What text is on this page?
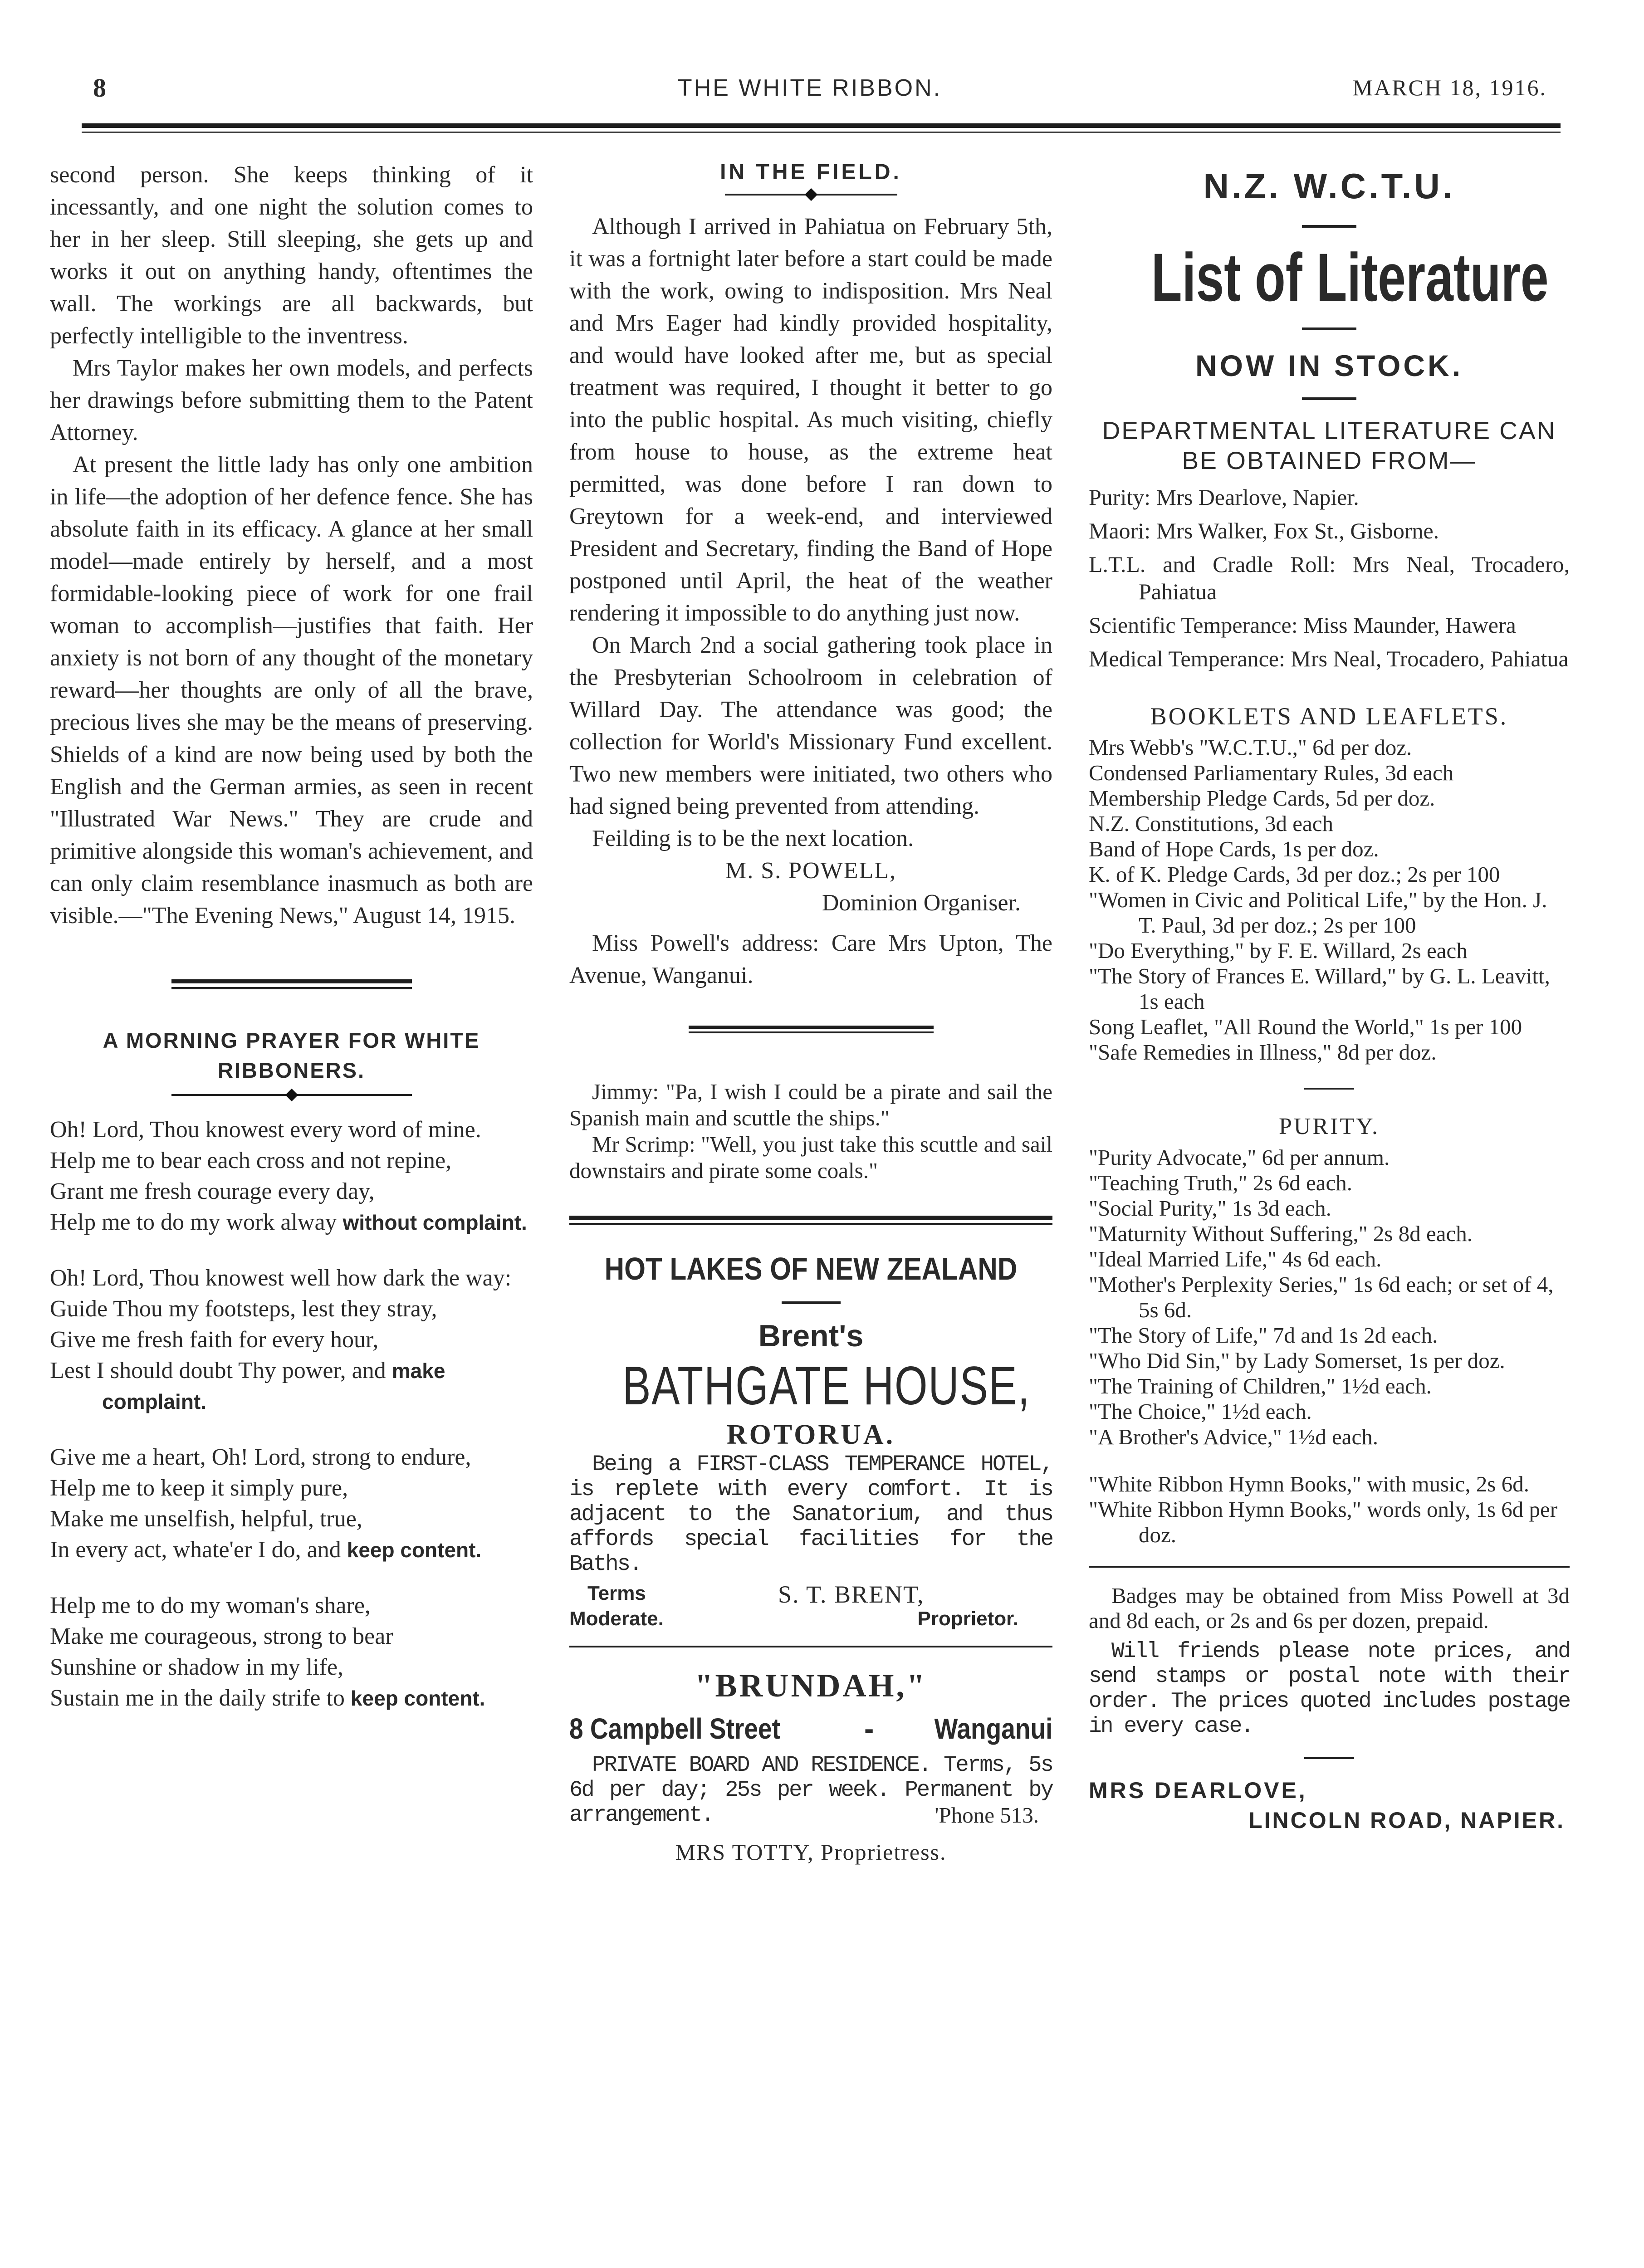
8	THE WHITE RIBBON.	MARCH 18, 1916.

second person. She keeps thinking of it incessantly, and one night the solution comes to her in her sleep. Still sleeping, she gets up and works it out on anything handy, oftentimes the wall. The workings are all backwards, but perfectly intelligible to the inventress.

Mrs Taylor makes her own models, and perfects her drawings before submitting them to the Patent Attorney.

At present the little lady has only one ambition in life—the adoption of her defence fence. She has absolute faith in its efficacy. A glance at her small model—made entirely by herself, and a most formidable-looking piece of work for one frail woman to accomplish—justifies that faith. Her anxiety is not born of any thought of the monetary reward—her thoughts are only of all the brave, precious lives she may be the means of preserving. Shields of a kind are now being used by both the English and the German armies, as seen in recent "Illustrated War News." They are crude and primitive alongside this woman's achievement, and can only claim resemblance inasmuch as both are visible.—"The Evening News," August 14, 1915.

A MORNING PRAYER FOR WHITE RIBBONERS.

Oh! Lord, Thou knowest every word of mine.

Help me to bear each cross and not repine,

Grant me fresh courage every day,

Help me to do my work alway without complaint.

Oh! Lord, Thou knowest well how dark the way:

Guide Thou my footsteps, lest they stray,

Give me fresh faith for every hour,

Lest I should doubt Thy power, and make complaint.

Give me a heart, Oh! Lord, strong to endure,

Help me to keep it simply pure,

Make me unselfish, helpful, true,

In every act, whate'er I do, and keep content.

Help me to do my woman's share,

Make me courageous, strong to bear

Sunshine or shadow in my life,

Sustain me in the daily strife to keep content.

IN THE FIELD.

Although I arrived in Pahiatua on February 5th, it was a fortnight later before a start could be made with the work, owing to indisposition. Mrs Neal and Mrs Eager had kindly provided hospitality, and would have looked after me, but as special treatment was required, I thought it better to go into the public hospital. As much visiting, chiefly from house to house, as the extreme heat permitted, was done before I ran down to Greytown for a week-end, and interviewed President and Secretary, finding the Band of Hope postponed until April, the heat of the weather rendering it impossible to do anything just now.

On March 2nd a social gathering took place in the Presbyterian Schoolroom in celebration of Willard Day. The attendance was good; the collection for World's Missionary Fund excellent. Two new members were initiated, two others who had signed being prevented from attending.

Feilding is to be the next location.

M. S. POWELL,

Dominion Organiser.

Miss Powell's address: Care Mrs Upton, The Avenue, Wanganui.

Jimmy: "Pa, I wish I could be a pirate and sail the Spanish main and scuttle the ships."

Mr Scrimp: "Well, you just take this scuttle and sail downstairs and pirate some coals."

HOT LAKES OF NEW ZEALAND
Brent's
BATHGATE HOUSE,
ROTORUA.

Being a FIRST-CLASS TEMPERANCE HOTEL, is replete with every comfort. It is adjacent to the Sanatorium, and thus affords special facilities for the Baths.

Terms
Moderate.
S. T. BRENT,
Proprietor.
"BRUNDAH,"
8 Campbell Street	- Wanganui

PRIVATE BOARD AND RESIDENCE. Terms, 5s 6d per day; 25s per week. Permanent by arrangement.	'Phone 513.
MRS TOTTY, Proprietress.
N.Z. W.C.T.U.
List of Literature
NOW IN STOCK.
DEPARTMENTAL LITERATURE CAN BE OBTAINED FROM—

Purity: Mrs Dearlove, Napier.

Maori: Mrs Walker, Fox St., Gisborne.

L.T.L. and Cradle Roll: Mrs Neal, Trocadero, Pahiatua

Scientific Temperance: Miss Maunder, Hawera

Medical Temperance: Mrs Neal, Trocadero, Pahiatua

BOOKLETS AND LEAFLETS.

Mrs Webb's "W.C.T.U.," 6d per doz.

Condensed Parliamentary Rules, 3d each

Membership Pledge Cards, 5d per doz.

N.Z. Constitutions, 3d each

Band of Hope Cards, 1s per doz.

K. of K. Pledge Cards, 3d per doz.; 2s per 100

"Women in Civic and Political Life," by the Hon. J. T. Paul, 3d per doz.; 2s per 100

"Do Everything," by F. E. Willard, 2s each

"The Story of Frances E. Willard," by G. L. Leavitt, 1s each

Song Leaflet, "All Round the World," 1s per 100

"Safe Remedies in Illness," 8d per doz.

PURITY.

"Purity Advocate," 6d per annum.

"Teaching Truth," 2s 6d each.

"Social Purity," 1s 3d each.

"Maturnity Without Suffering," 2s 8d each.

"Ideal Married Life," 4s 6d each.

"Mother's Perplexity Series," 1s 6d each; or set of 4, 5s 6d.

"The Story of Life," 7d and 1s 2d each.

"Who Did Sin," by Lady Somerset, 1s per doz.

"The Training of Children," 1½d each.

"The Choice," 1½d each.

"A Brother's Advice," 1½d each.

"White Ribbon Hymn Books," with music, 2s 6d.

"White Ribbon Hymn Books," words only, 1s 6d per doz.

Badges may be obtained from Miss Powell at 3d and 8d each, or 2s and 6s per dozen, prepaid.

Will friends please note prices, and send stamps or postal note with their order. The prices quoted includes postage in every case.

MRS DEARLOVE,
LINCOLN ROAD, NAPIER.
